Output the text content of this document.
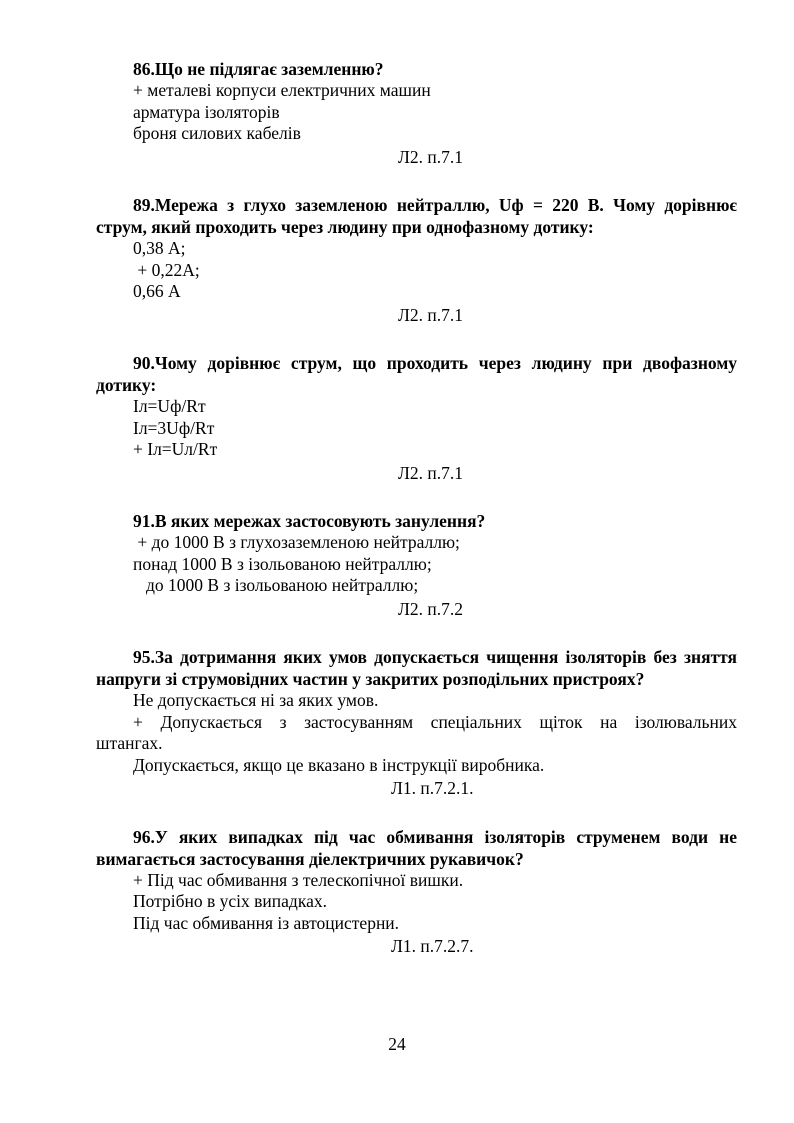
86.Що не підлягає заземленню?

+ металеві корпуси електричних машин
арматура ізоляторів
броня силових кабелів
Л2. п.7.1

89.Мережа з глухо заземленою нейтраллю, Uф = 220 В. Чому дорівнює струм, який проходить через людину при однофазному дотику:

0,38 А;
+ 0,22А;
0,66 А
Л2. п.7.1

90.Чому дорівнює струм, що проходить через людину при двофазному дотику:

Iл=Uф/Rт
Iл=3Uф/Rт
+ Iл=Uл/Rт
Л2. п.7.1

91.В яких мережах застосовують занулення?

+ до 1000 В з глухозаземленою нейтраллю;
понад 1000 В з ізольованою нейтраллю;
до 1000 В з ізольованою нейтраллю;
Л2. п.7.2

95.За дотримання яких умов допускається чищення ізоляторів без зняття напруги зі струмовідних частин у закритих розподільних пристроях?

Не допускається ні за яких умов.
+ Допускається з застосуванням спеціальних щіток на ізолювальних
штангах.
Допускається, якщо це вказано в інструкції виробника.
Л1. п.7.2.1.

96.У яких випадках під час обмивання ізоляторів струменем води не вимагається застосування діелектричних рукавичок?

+ Під час обмивання з телескопічної вишки.
Потрібно в усіх випадках.
Під час обмивання із автоцистерни.
Л1. п.7.2.7.
24
